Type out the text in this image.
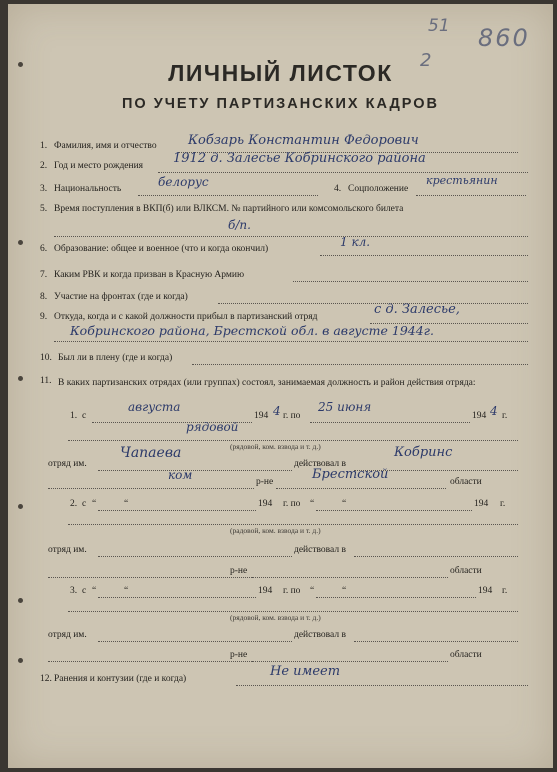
51 860
2
ЛИЧНЫЙ ЛИСТОК
ПО УЧЕТУ ПАРТИЗАНСКИХ КАДРОВ
1. Фамилия, имя и отчество Кобзарь Константин Федорович
2. Год и место рождения 1912 д. Залесье Кобринского района
3. Национальность	белорус	4. Соцположение
крестьянин
5. Время поступления в ВКП(б) или ВЛКСМ. № партийного или комсомольского билета
б/п.
6. Образование: общее и военное (что и когда окончил)	1 кл.
7. Каким РВК и когда призван в Красную Армию
8. Участие на фронтах (где и когда)
9. Откуда, когда и с какой должности прибыл в партизанский отряд	с д. Залесье,
Кобринского района, Брестской обл. в августе 1944г.
10. Был ли в плену (где и когда)
11. В каких партизанских отрядах (или группах) состоял, занимаемая должность и район действия отряда:
1. с
августа
194 4 г. по
25 июня
194 4 г.
рядовой
(рядовой, ком. взвода и т. д.)
отряд им.
Чапаева
действовал в
Кобринс
ком	р-не	Брестской	области
2. с “	“	194 г. по “	“	194 г.
(радовой, ком. взвода и т. д.)
отряд им.	действовал в
р-не	области
3. с “	“	194 г. по “	“	194 г.
(рядовой, ком. взвода и т. д.)
отряд им.	действовал в
р-не	области
12. Ранения и контузии (где и когда)	Не имеет
